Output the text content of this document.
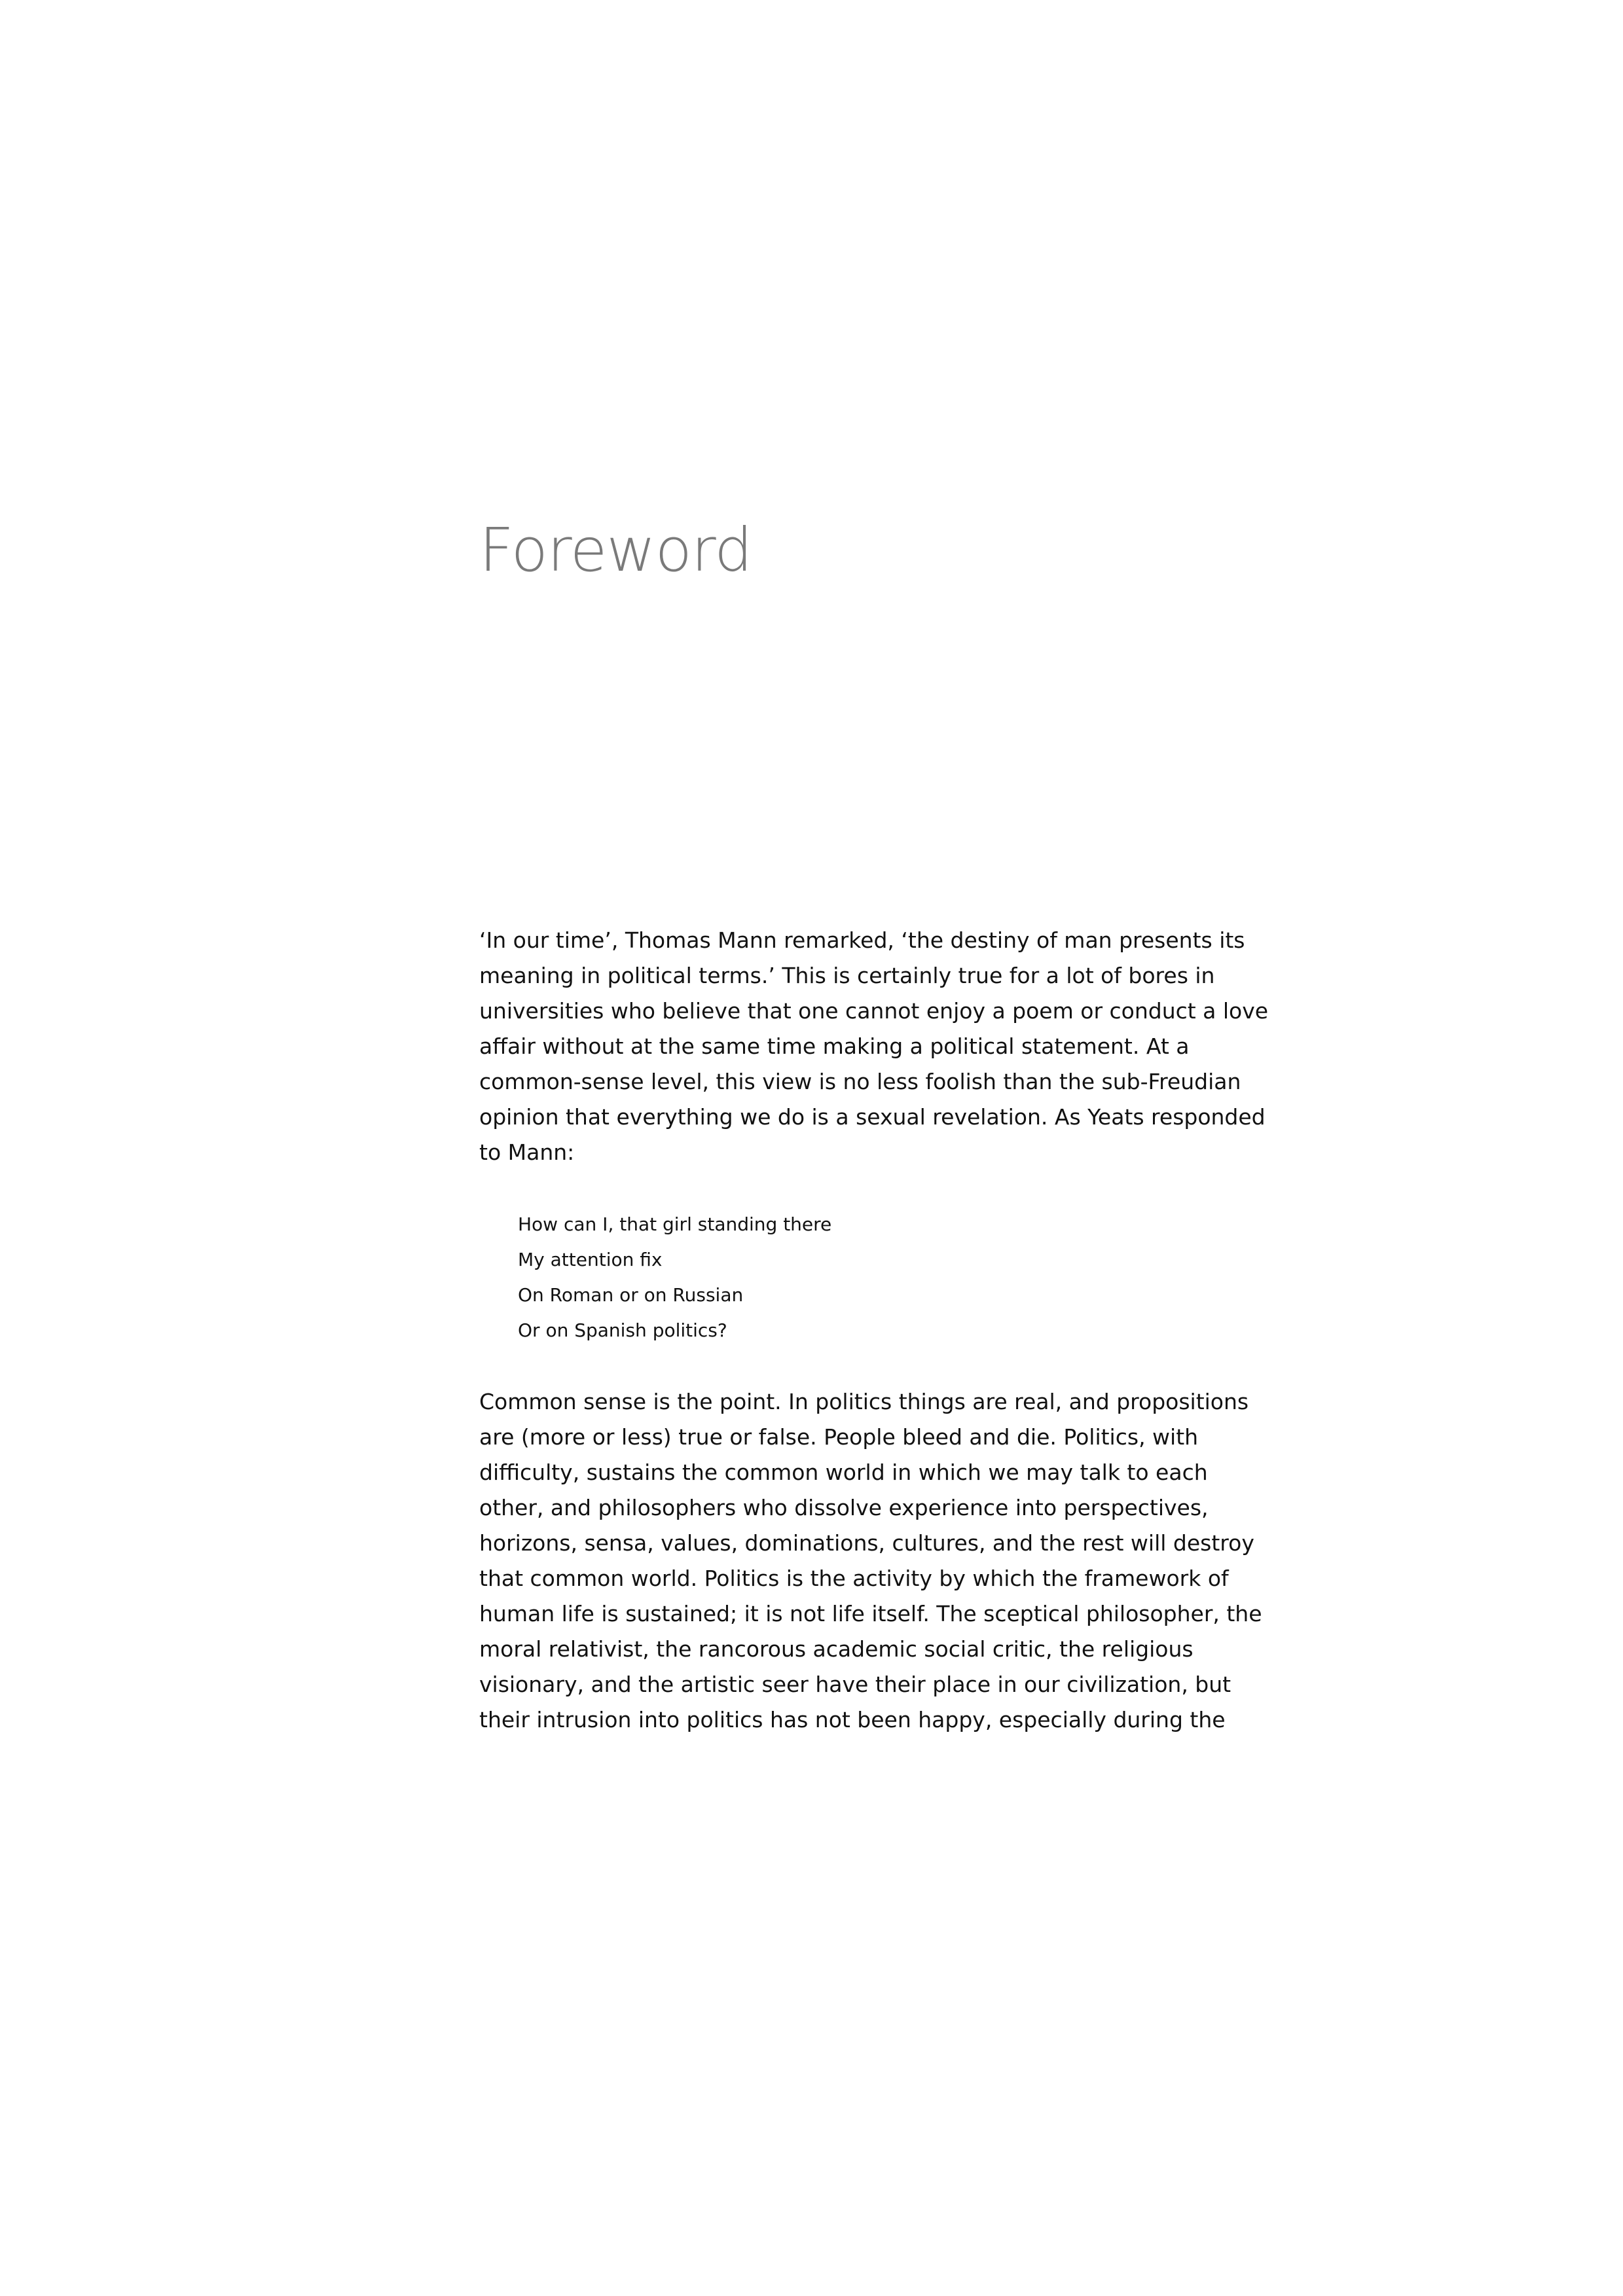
Foreword
‘In our time’, Thomas Mann remarked, ‘the destiny of man presents its
meaning in political terms.’ This is certainly true for a lot of bores in
universities who believe that one cannot enjoy a poem or conduct a love
affair without at the same time making a political statement. At a
common-sense level, this view is no less foolish than the sub-Freudian
opinion that everything we do is a sexual revelation. As Yeats responded
to Mann:
How can I, that girl standing there
My attention fix
On Roman or on Russian
Or on Spanish politics?
Common sense is the point. In politics things are real, and propositions
are (more or less) true or false. People bleed and die. Politics, with
difficulty, sustains the common world in which we may talk to each
other, and philosophers who dissolve experience into perspectives,
horizons, sensa, values, dominations, cultures, and the rest will destroy
that common world. Politics is the activity by which the framework of
human life is sustained; it is not life itself. The sceptical philosopher, the
moral relativist, the rancorous academic social critic, the religious
visionary, and the artistic seer have their place in our civilization, but
their intrusion into politics has not been happy, especially during the
